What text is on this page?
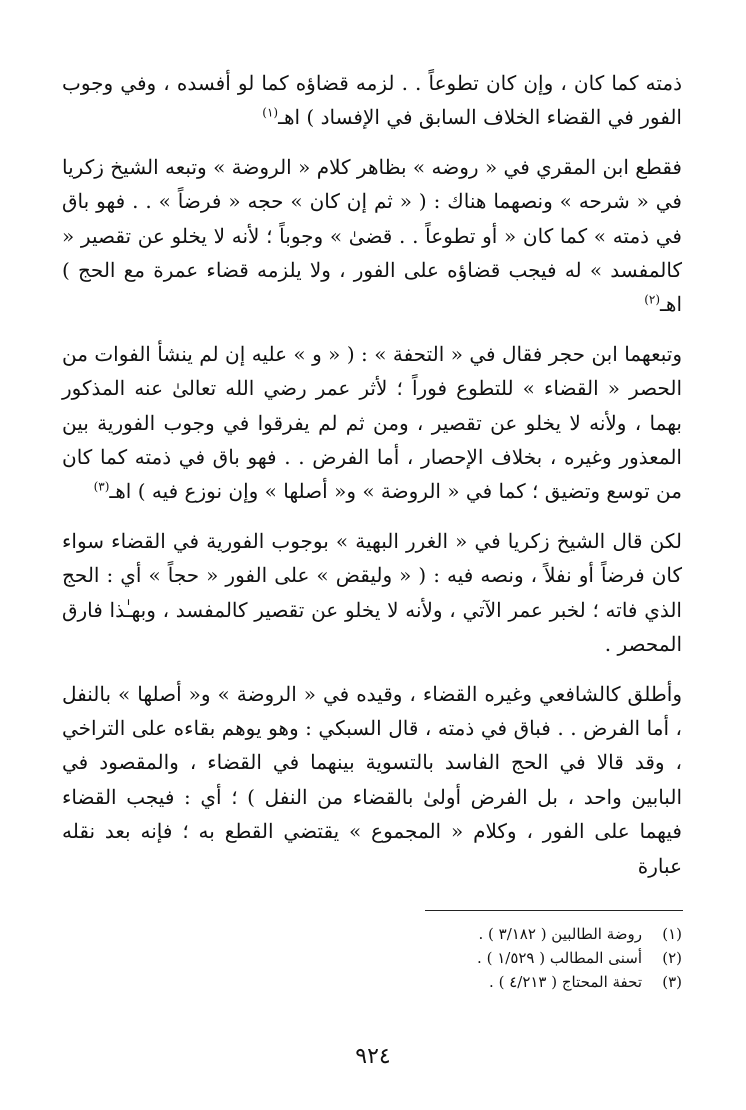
ذمته كما كان ، وإن كان تطوعاً . . لزمه قضاؤه كما لو أفسده ، وفي وجوب الفور في القضاء الخلاف السابق في الإفساد ) اهـ$^{(١)}$

فقطع ابن المقري في « روضه » بظاهر كلام « الروضة » وتبعه الشيخ زكريا في « شرحه » ونصهما هناك : ( « ثم إن كان » حجه « فرضاً » . . فهو باق في ذمته » كما كان « أو تطوعاً . . قضىٰ » وجوباً ؛ لأنه لا يخلو عن تقصير « كالمفسد » له فيجب قضاؤه على الفور ، ولا يلزمه قضاء عمرة مع الحج ) اهـ$^{(٢)}$

وتبعهما ابن حجر فقال في « التحفة » : ( « و » عليه إن لم ينشأ الفوات من الحصر « القضاء » للتطوع فوراً ؛ لأثر عمر رضي الله تعالىٰ عنه المذكور بهما ، ولأنه لا يخلو عن تقصير ، ومن ثم لم يفرقوا في وجوب الفورية بين المعذور وغيره ، بخلاف الإحصار ، أما الفرض . . فهو باق في ذمته كما كان من توسع وتضيق ؛ كما في « الروضة » و« أصلها » وإن نوزع فيه ) اهـ$^{(٣)}$

لكن قال الشيخ زكريا في « الغرر البهية » بوجوب الفورية في القضاء سواء كان فرضاً أو نفلاً ، ونصه فيه : ( « وليقض » على الفور « حجاً » أي : الحج الذي فاته ؛ لخبر عمر الآتي ، ولأنه لا يخلو عن تقصير كالمفسد ، وبهـٰذا فارق المحصر .

وأطلق كالشافعي وغيره القضاء ، وقيده في « الروضة » و« أصلها » بالنفل ، أما الفرض . . فباق في ذمته ، قال السبكي : وهو يوهم بقاءه على التراخي ، وقد قالا في الحج الفاسد بالتسوية بينهما في القضاء ، والمقصود في البابين واحد ، بل الفرض أولىٰ بالقضاء من النفل ) ؛ أي : فيجب القضاء فيهما على الفور ، وكلام « المجموع » يقتضي القطع به ؛ فإنه بعد نقله عبارة

(١)روضة الطالبين ( ٣/١٨٢ ) .
(٢)أسنى المطالب ( ١/٥٢٩ ) .
(٣)تحفة المحتاج ( ٤/٢١٣ ) .
٩٢٤
